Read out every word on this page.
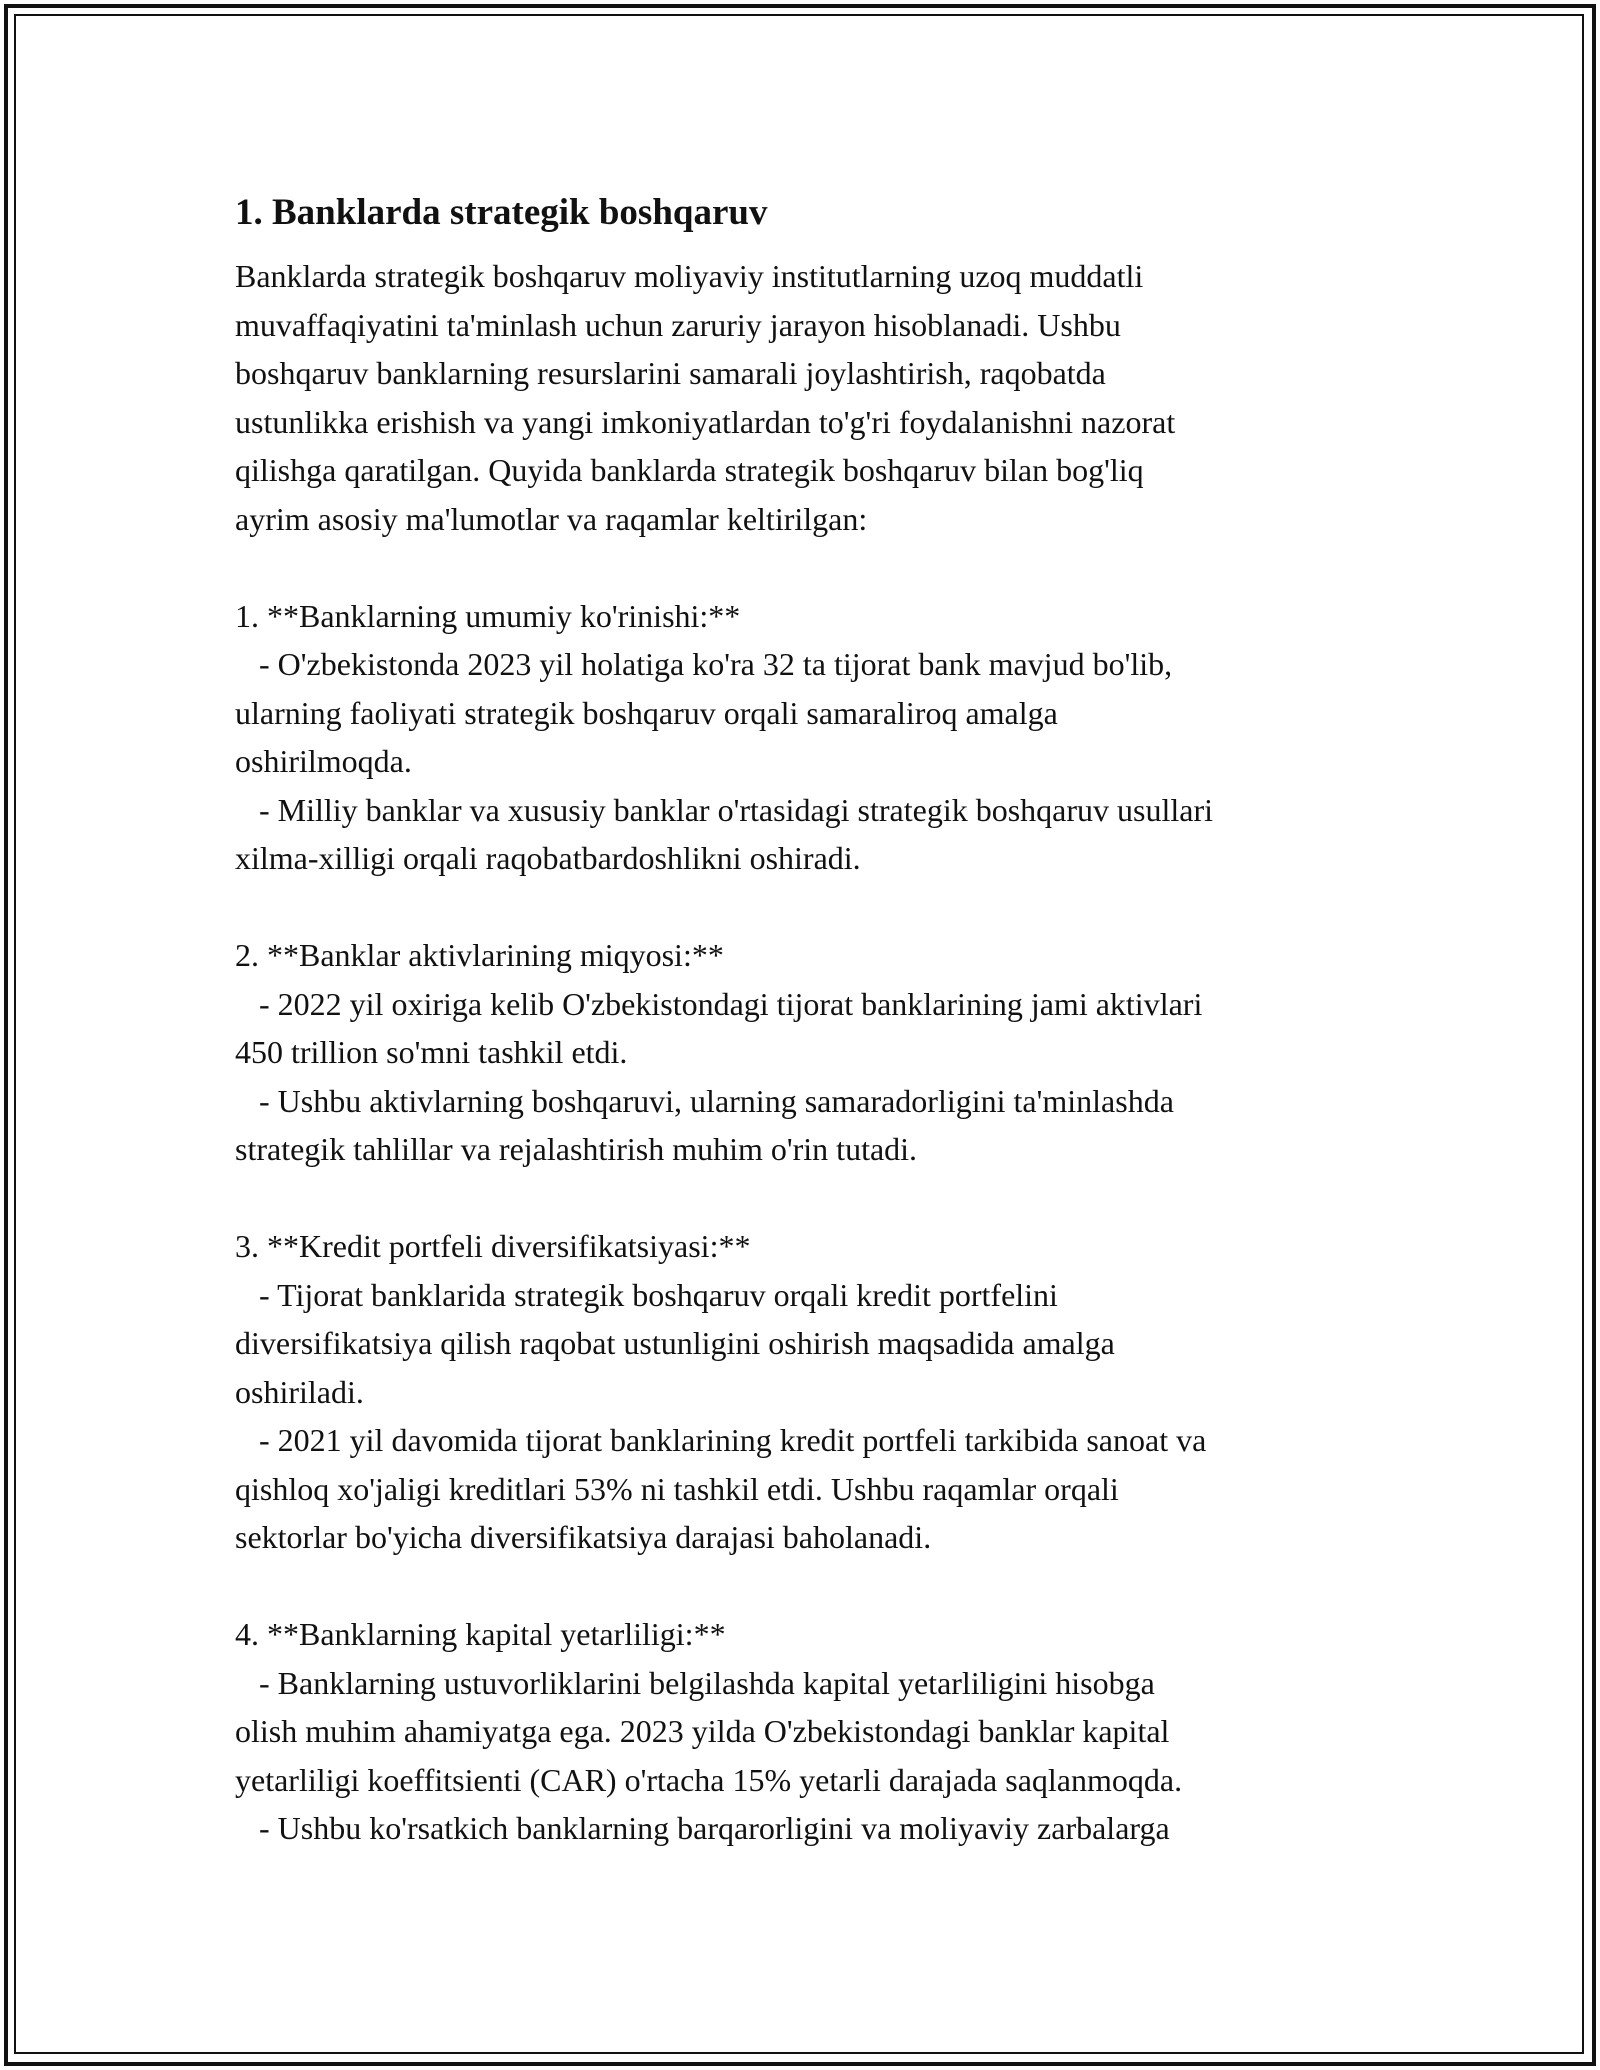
1. Banklarda strategik boshqaruv
Banklarda strategik boshqaruv moliyaviy institutlarning uzoq muddatli
muvaffaqiyatini ta'minlash uchun zaruriy jarayon hisoblanadi. Ushbu
boshqaruv banklarning resurslarini samarali joylashtirish, raqobatda
ustunlikka erishish va yangi imkoniyatlardan to'g'ri foydalanishni nazorat
qilishga qaratilgan. Quyida banklarda strategik boshqaruv bilan bog'liq
ayrim asosiy ma'lumotlar va raqamlar keltirilgan:
1. **Banklarning umumiy ko'rinishi:**
- O'zbekistonda 2023 yil holatiga ko'ra 32 ta tijorat bank mavjud bo'lib,
ularning faoliyati strategik boshqaruv orqali samaraliroq amalga
oshirilmoqda.
- Milliy banklar va xususiy banklar o'rtasidagi strategik boshqaruv usullari
xilma-xilligi orqali raqobatbardoshlikni oshiradi.
2. **Banklar aktivlarining miqyosi:**
- 2022 yil oxiriga kelib O'zbekistondagi tijorat banklarining jami aktivlari
450 trillion so'mni tashkil etdi.
- Ushbu aktivlarning boshqaruvi, ularning samaradorligini ta'minlashda
strategik tahlillar va rejalashtirish muhim o'rin tutadi.
3. **Kredit portfeli diversifikatsiyasi:**
- Tijorat banklarida strategik boshqaruv orqali kredit portfelini
diversifikatsiya qilish raqobat ustunligini oshirish maqsadida amalga
oshiriladi.
- 2021 yil davomida tijorat banklarining kredit portfeli tarkibida sanoat va
qishloq xo'jaligi kreditlari 53% ni tashkil etdi. Ushbu raqamlar orqali
sektorlar bo'yicha diversifikatsiya darajasi baholanadi.
4. **Banklarning kapital yetarliligi:**
- Banklarning ustuvorliklarini belgilashda kapital yetarliligini hisobga
olish muhim ahamiyatga ega. 2023 yilda O'zbekistondagi banklar kapital
yetarliligi koeffitsienti (CAR) o'rtacha 15% yetarli darajada saqlanmoqda.
- Ushbu ko'rsatkich banklarning barqarorligini va moliyaviy zarbalarga
